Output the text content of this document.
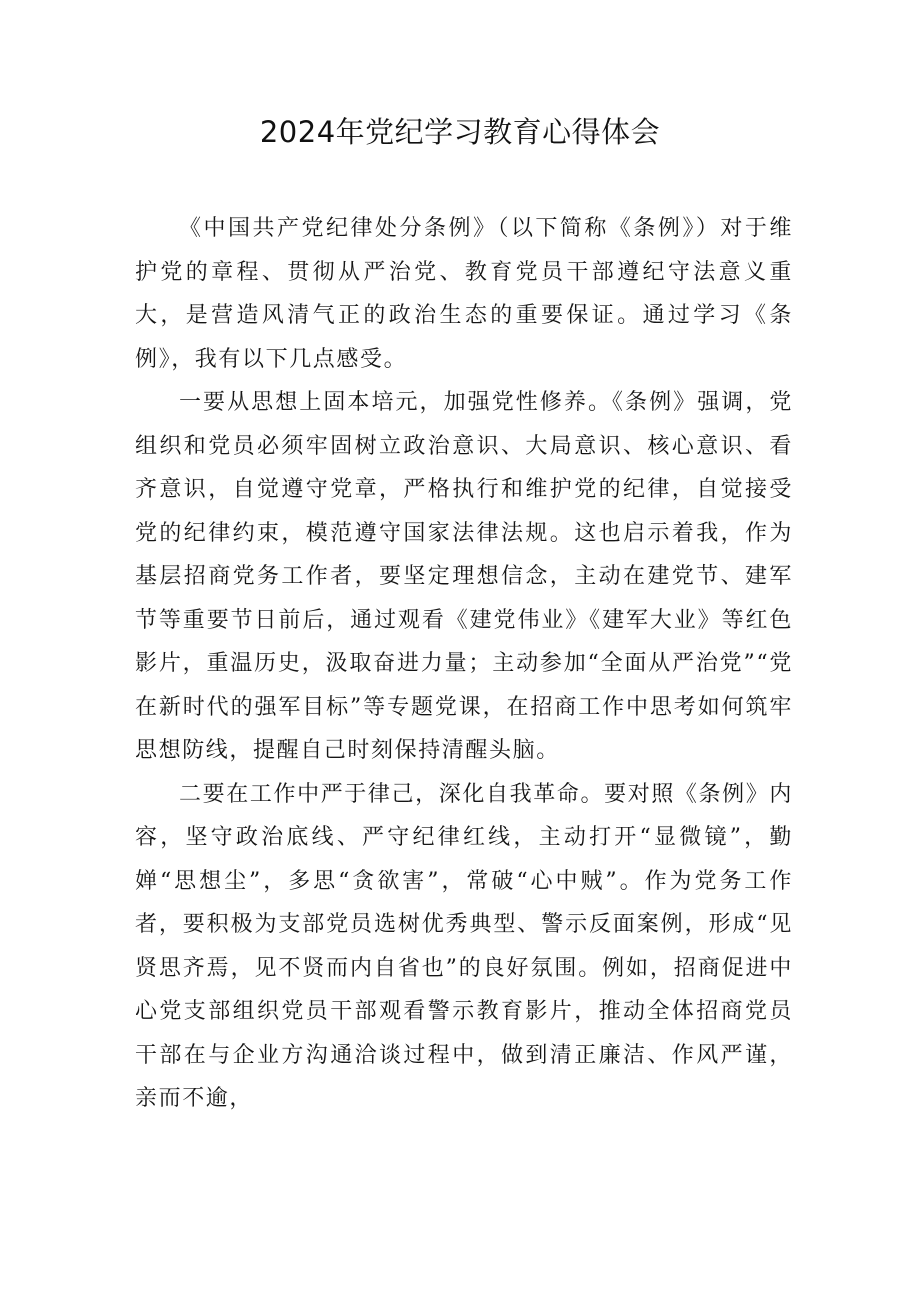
2024年党纪学习教育心得体会

《中国共产党纪律处分条例》（以下简称《条例》）对于维护党的章程、贯彻从严治党、教育党员干部遵纪守法意义重大，是营造风清气正的政治生态的重要保证。通过学习《条例》，我有以下几点感受。

一要从思想上固本培元，加强党性修养。《条例》强调，党组织和党员必须牢固树立政治意识、大局意识、核心意识、看齐意识，自觉遵守党章，严格执行和维护党的纪律，自觉接受党的纪律约束，模范遵守国家法律法规。这也启示着我，作为基层招商党务工作者，要坚定理想信念，主动在建党节、建军节等重要节日前后，通过观看《建党伟业》《建军大业》等红色影片，重温历史，汲取奋进力量；主动参加“全面从严治党”“党在新时代的强军目标”等专题党课，在招商工作中思考如何筑牢思想防线，提醒自己时刻保持清醒头脑。

二要在工作中严于律己，深化自我革命。要对照《条例》内容，坚守政治底线、严守纪律红线，主动打开“显微镜”，勤婵“思想尘”，多思“贪欲害”，常破“心中贼”。作为党务工作者，要积极为支部党员选树优秀典型、警示反面案例，形成“见贤思齐焉，见不贤而内自省也”的良好氛围。例如，招商促进中心党支部组织党员干部观看警示教育影片，推动全体招商党员干部在与企业方沟通洽谈过程中，做到清正廉洁、作风严谨，亲而不逾，
